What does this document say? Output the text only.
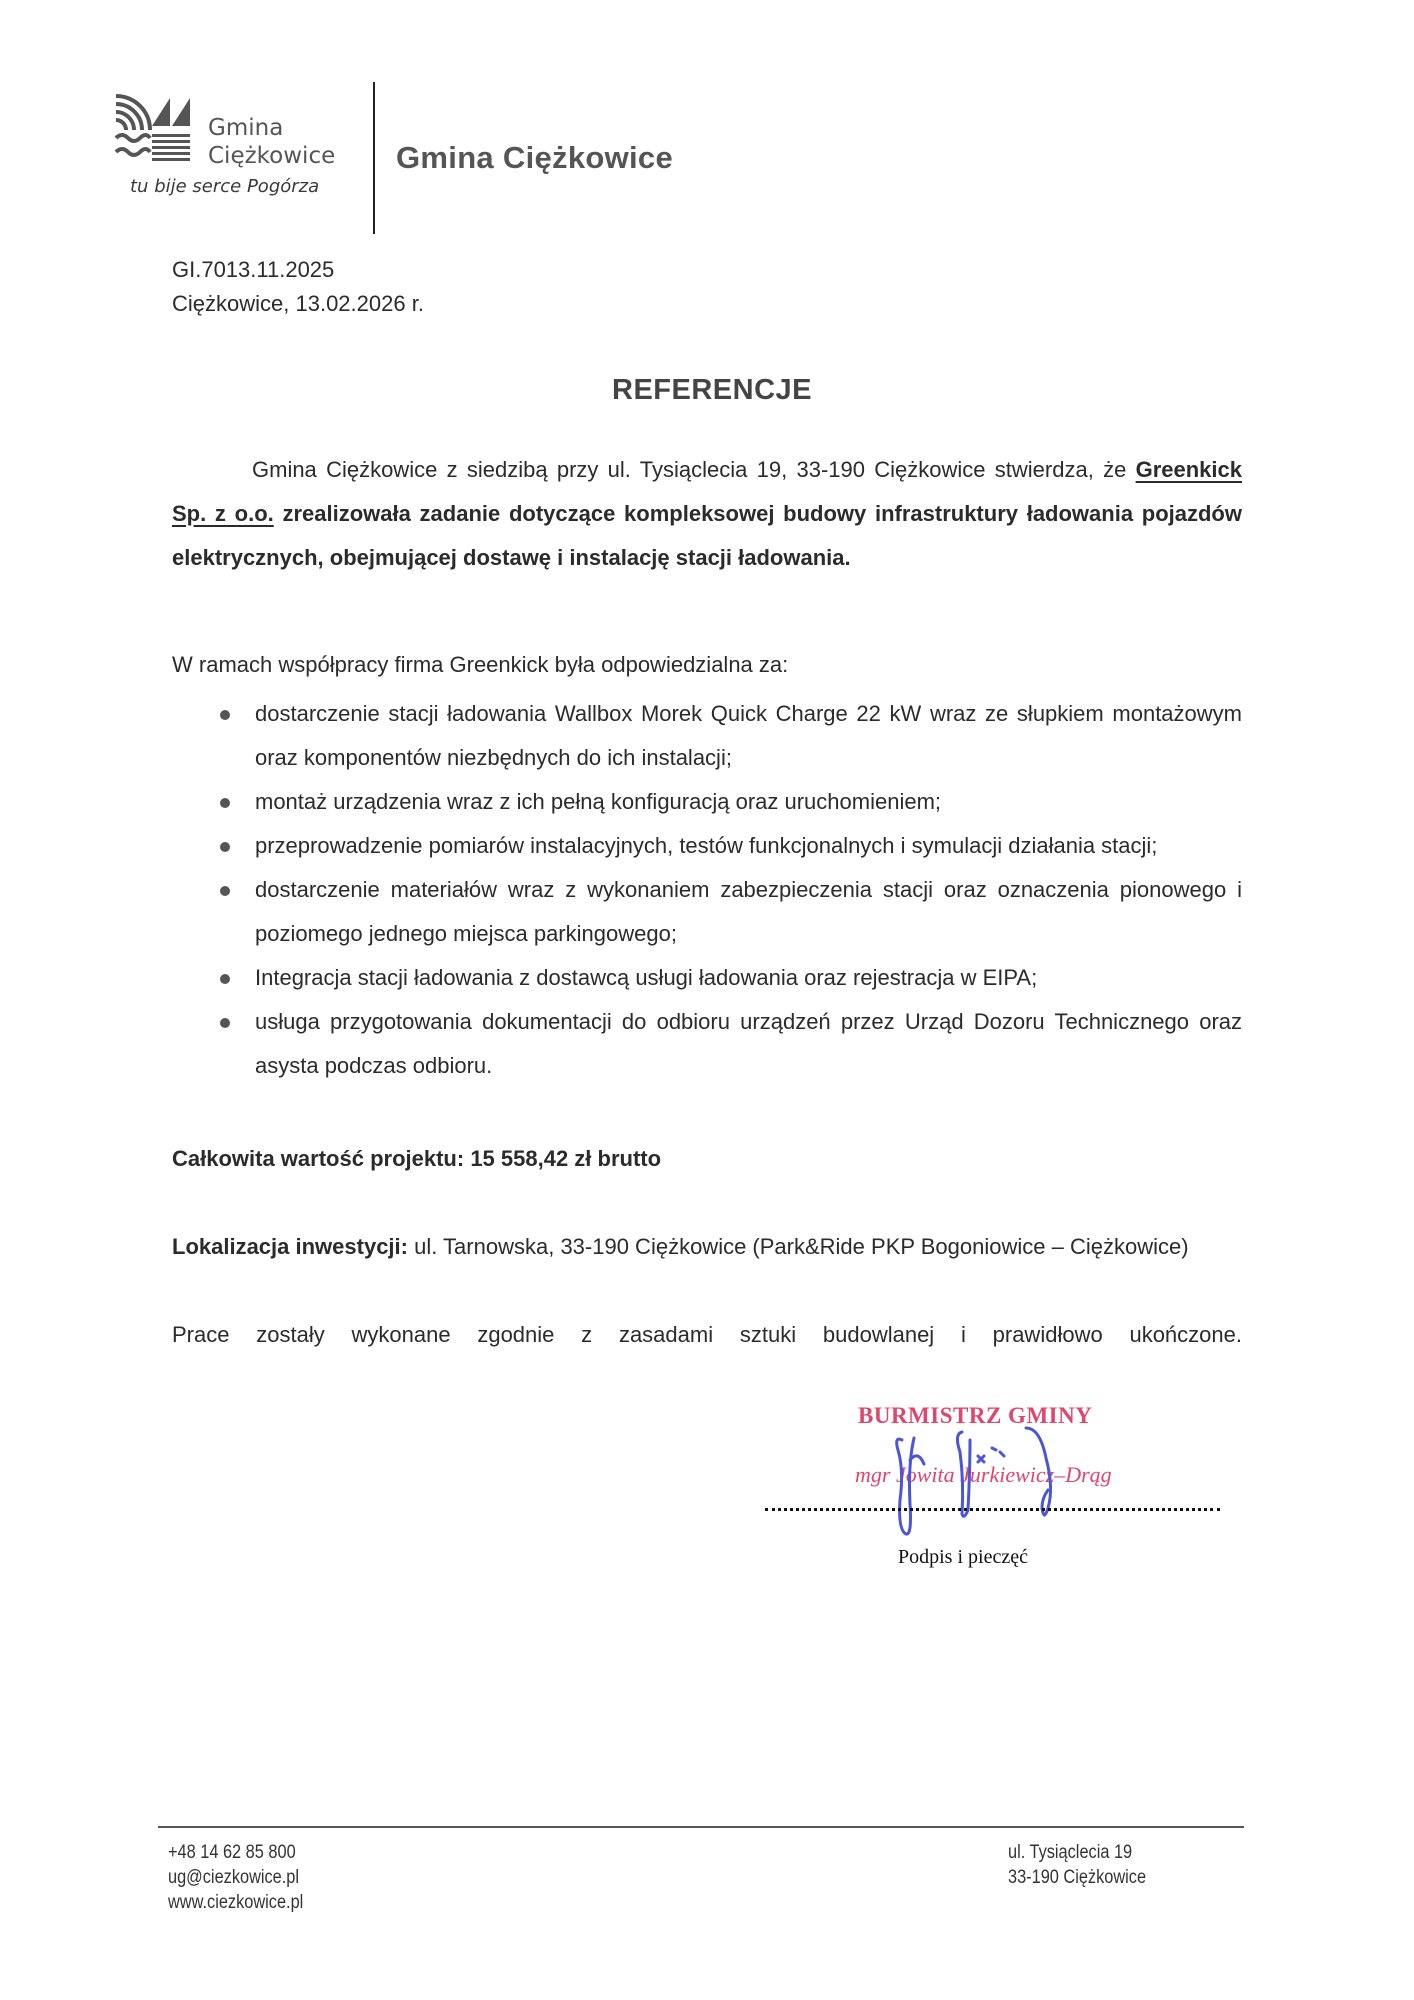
Gmina
Ciężkowice
tu bije serce Pogórza
Gmina Ciężkowice
GI.7013.11.2025
Ciężkowice, 13.02.2026 r.
REFERENCJE
Gmina Ciężkowice z siedzibą przy ul. Tysiąclecia 19, 33-190 Ciężkowice stwierdza, że Greenkick Sp. z o.o. zrealizowała zadanie dotyczące kompleksowej budowy infrastruktury ładowania pojazdów elektrycznych, obejmującej dostawę i instalację stacji ładowania.
W ramach współpracy firma Greenkick była odpowiedzialna za:
dostarczenie stacji ładowania Wallbox Morek Quick Charge 22 kW wraz ze słupkiem montażowym oraz komponentów niezbędnych do ich instalacji;
montaż urządzenia wraz z ich pełną konfiguracją oraz uruchomieniem;
przeprowadzenie pomiarów instalacyjnych, testów funkcjonalnych i symulacji działania stacji;
dostarczenie materiałów wraz z wykonaniem zabezpieczenia stacji oraz oznaczenia pionowego i poziomego jednego miejsca parkingowego;
Integracja stacji ładowania z dostawcą usługi ładowania oraz rejestracja w EIPA;
usługa przygotowania dokumentacji do odbioru urządzeń przez Urząd Dozoru Technicznego oraz asysta podczas odbioru.
Całkowita wartość projektu: 15 558,42 zł brutto
Lokalizacja inwestycji: ul. Tarnowska, 33-190 Ciężkowice (Park&Ride PKP Bogoniowice – Ciężkowice)
Prace zostały wykonane zgodnie z zasadami sztuki budowlanej i prawidłowo ukończone.
BURMISTRZ GMINY
mgr Jowita Jurkiewicz–Drąg
Podpis i pieczęć
+48 14 62 85 800
ug@ciezkowice.pl
www.ciezkowice.pl
ul. Tysiąclecia 19
33-190 Ciężkowice
